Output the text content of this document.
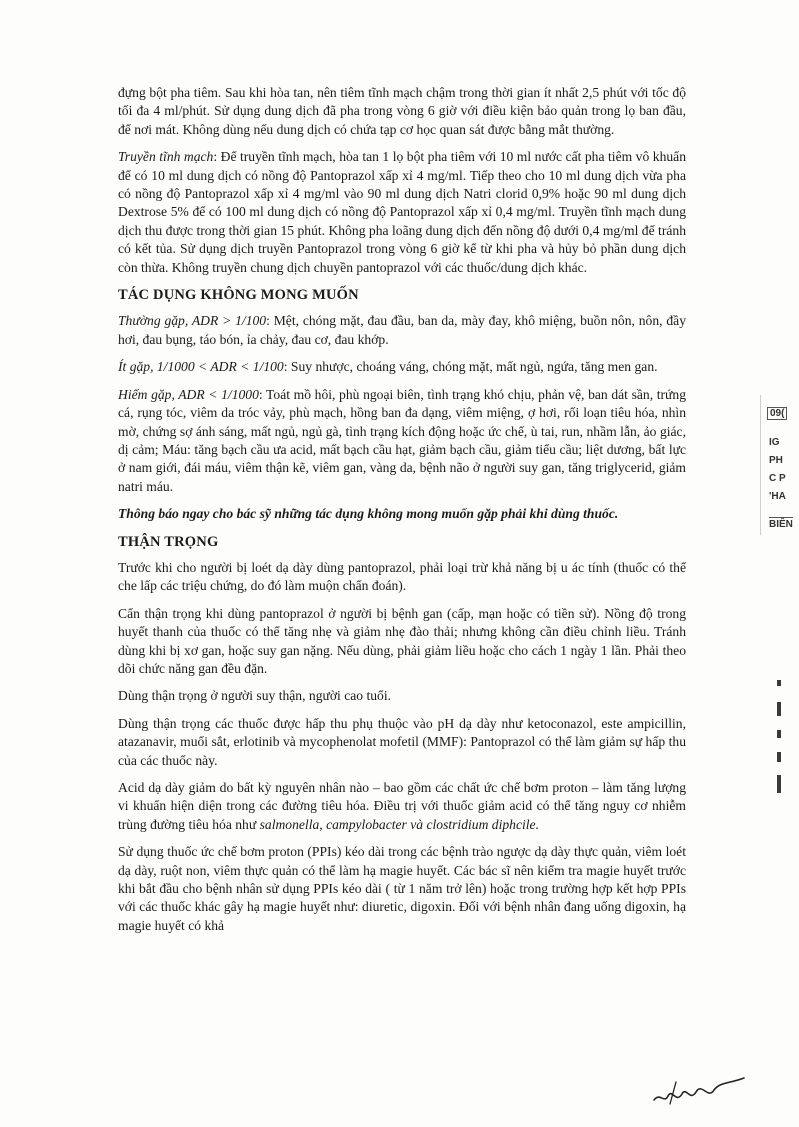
đựng bột pha tiêm. Sau khi hòa tan, nên tiêm tĩnh mạch chậm trong thời gian ít nhất 2,5 phút với tốc độ tối đa 4 ml/phút. Sử dụng dung dịch đã pha trong vòng 6 giờ với điều kiện bảo quản trong lọ ban đầu, để nơi mát. Không dùng nếu dung dịch có chứa tạp cơ học quan sát được bằng mắt thường.

Truyền tĩnh mạch: Để truyền tĩnh mạch, hòa tan 1 lọ bột pha tiêm với 10 ml nước cất pha tiêm vô khuẩn để có 10 ml dung dịch có nồng độ Pantoprazol xấp xỉ 4 mg/ml. Tiếp theo cho 10 ml dung dịch vừa pha có nồng độ Pantoprazol xấp xỉ 4 mg/ml vào 90 ml dung dịch Natri clorid 0,9% hoặc 90 ml dung dịch Dextrose 5% để có 100 ml dung dịch có nồng độ Pantoprazol xấp xỉ 0,4 mg/ml. Truyền tĩnh mạch dung dịch thu được trong thời gian 15 phút. Không pha loãng dung dịch đến nồng độ dưới 0,4 mg/ml để tránh có kết tủa. Sử dụng dịch truyền Pantoprazol trong vòng 6 giờ kể từ khi pha và hủy bỏ phần dung dịch còn thừa. Không truyền chung dịch chuyền pantoprazol với các thuốc/dung dịch khác.

TÁC DỤNG KHÔNG MONG MUỐN

Thường gặp, ADR > 1/100: Mệt, chóng mặt, đau đầu, ban da, mày đay, khô miệng, buồn nôn, nôn, đầy hơi, đau bụng, táo bón, ỉa chảy, đau cơ, đau khớp.

Ít gặp, 1/1000 < ADR < 1/100: Suy nhược, choáng váng, chóng mặt, mất ngủ, ngứa, tăng men gan.

Hiếm gặp, ADR < 1/1000: Toát mồ hôi, phù ngoại biên, tình trạng khó chịu, phản vệ, ban dát sần, trứng cá, rụng tóc, viêm da tróc vảy, phù mạch, hồng ban đa dạng, viêm miệng, ợ hơi, rối loạn tiêu hóa, nhìn mờ, chứng sợ ánh sáng, mất ngủ, ngủ gà, tình trạng kích động hoặc ức chế, ù tai, run, nhầm lẫn, ảo giác, dị cảm; Máu: tăng bạch cầu ưa acid, mất bạch cầu hạt, giảm bạch cầu, giảm tiểu cầu; liệt dương, bất lực ở nam giới, đái máu, viêm thận kẽ, viêm gan, vàng da, bệnh não ở người suy gan, tăng triglycerid, giảm natri máu.

Thông báo ngay cho bác sỹ những tác dụng không mong muốn gặp phải khi dùng thuốc.

THẬN TRỌNG

Trước khi cho người bị loét dạ dày dùng pantoprazol, phải loại trừ khả năng bị u ác tính (thuốc có thể che lấp các triệu chứng, do đó làm muộn chẩn đoán).

Cẩn thận trọng khi dùng pantoprazol ở người bị bệnh gan (cấp, mạn hoặc có tiền sử). Nồng độ trong huyết thanh của thuốc có thể tăng nhẹ và giảm nhẹ đào thải; nhưng không cần điều chỉnh liều. Tránh dùng khi bị xơ gan, hoặc suy gan nặng. Nếu dùng, phải giảm liều hoặc cho cách 1 ngày 1 lần. Phải theo dõi chức năng gan đều đặn.

Dùng thận trọng ở người suy thận, người cao tuổi.

Dùng thận trọng các thuốc được hấp thu phụ thuộc vào pH dạ dày như ketoconazol, este ampicillin, atazanavir, muối sắt, erlotinib và mycophenolat mofetil (MMF): Pantoprazol có thể làm giảm sự hấp thu của các thuốc này.

Acid dạ dày giảm do bất kỳ nguyên nhân nào – bao gồm các chất ức chế bơm proton – làm tăng lượng vi khuẩn hiện diện trong các đường tiêu hóa. Điều trị với thuốc giảm acid có thể tăng nguy cơ nhiễm trùng đường tiêu hóa như salmonella, campylobacter và clostridium diphcile.

Sử dụng thuốc ức chế bơm proton (PPIs) kéo dài trong các bệnh trào ngược dạ dày thực quản, viêm loét dạ dày, ruột non, viêm thực quản có thể làm hạ magie huyết. Các bác sĩ nên kiểm tra magie huyết trước khi bắt đầu cho bệnh nhân sử dụng PPIs kéo dài ( từ 1 năm trở lên) hoặc trong trường hợp kết hợp PPIs với các thuốc khác gây hạ magie huyết như: diuretic, digoxin. Đối với bệnh nhân đang uống digoxin, hạ magie huyết có khả

09(
IG
PH
C P
'HA
BIÊN
